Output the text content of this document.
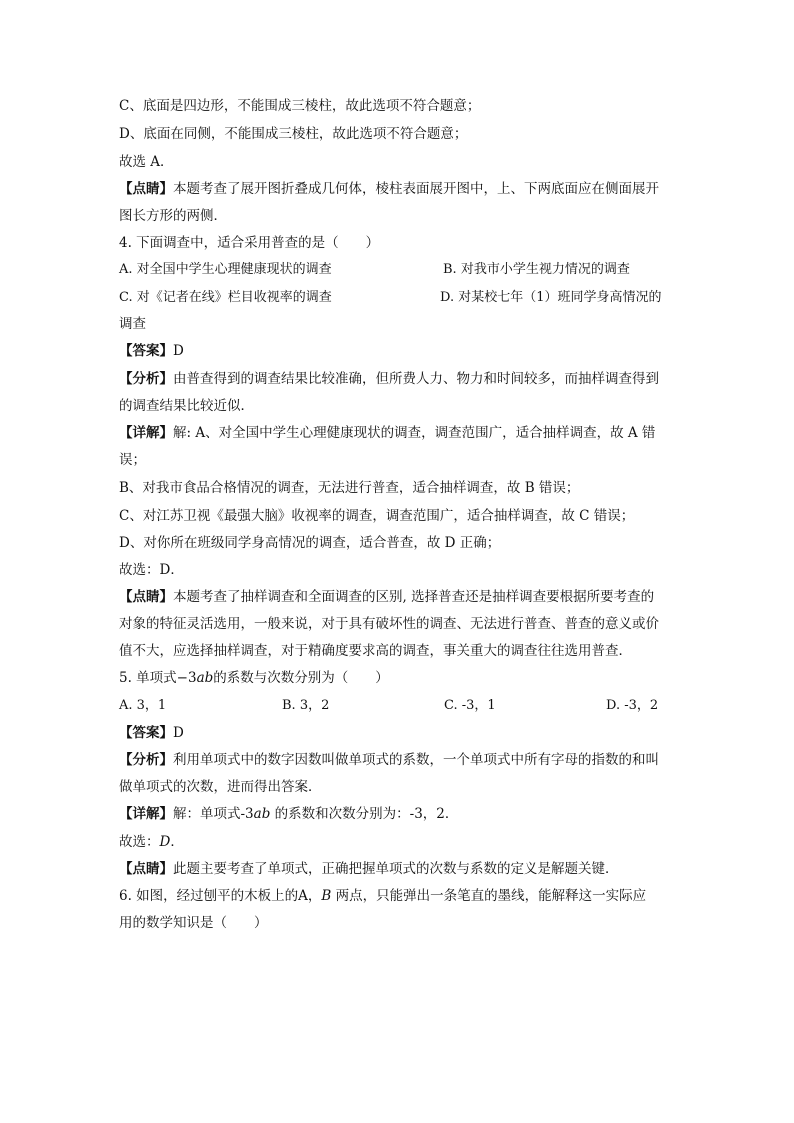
C、底面是四边形，不能围成三棱柱，故此选项不符合题意；
D、底面在同侧，不能围成三棱柱，故此选项不符合题意；
故选 A．
【点睛】本题考查了展开图折叠成几何体，棱柱表面展开图中，上、下两底面应在侧面展开
图长方形的两侧．
4. 下面调查中，适合采用普查的是（　　）
A. 对全国中学生心理健康现状的调查	B. 对我市小学生视力情况的调查
C. 对《记者在线》栏目收视率的调查	D. 对某校七年（1）班同学身高情况的
调查
【答案】D
【分析】由普查得到的调查结果比较准确，但所费人力、物力和时间较多，而抽样调查得到
的调查结果比较近似．
【详解】解: A、对全国中学生心理健康现状的调查，调查范围广，适合抽样调查，故 A 错
误；
B、对我市食品合格情况的调查，无法进行普查，适合抽样调查，故 B 错误；
C、对江苏卫视《最强大脑》收视率的调查，调查范围广，适合抽样调查，故 C 错误；
D、对你所在班级同学身高情况的调查，适合普查，故 D 正确；
故选：D．
【点睛】本题考查了抽样调查和全面调查的区别, 选择普查还是抽样调查要根据所要考查的
对象的特征灵活选用，一般来说，对于具有破坏性的调查、无法进行普查、普查的意义或价
值不大，应选择抽样调查，对于精确度要求高的调查，事关重大的调查往往选用普查．
5. 单项式−3ab的系数与次数分别为（　　）
A. 3，1	B. 3，2	C. -3，1	D. -3，2
【答案】D
【分析】利用单项式中的数字因数叫做单项式的系数，一个单项式中所有字母的指数的和叫
做单项式的次数，进而得出答案．
【详解】解：单项式-3ab 的系数和次数分别为：-3，2．
故选：D．
【点睛】此题主要考查了单项式，正确把握单项式的次数与系数的定义是解题关键．
6. 如图，经过刨平的木板上的A，B 两点，只能弹出一条笔直的墨线，能解释这一实际应
用的数学知识是（　　）
